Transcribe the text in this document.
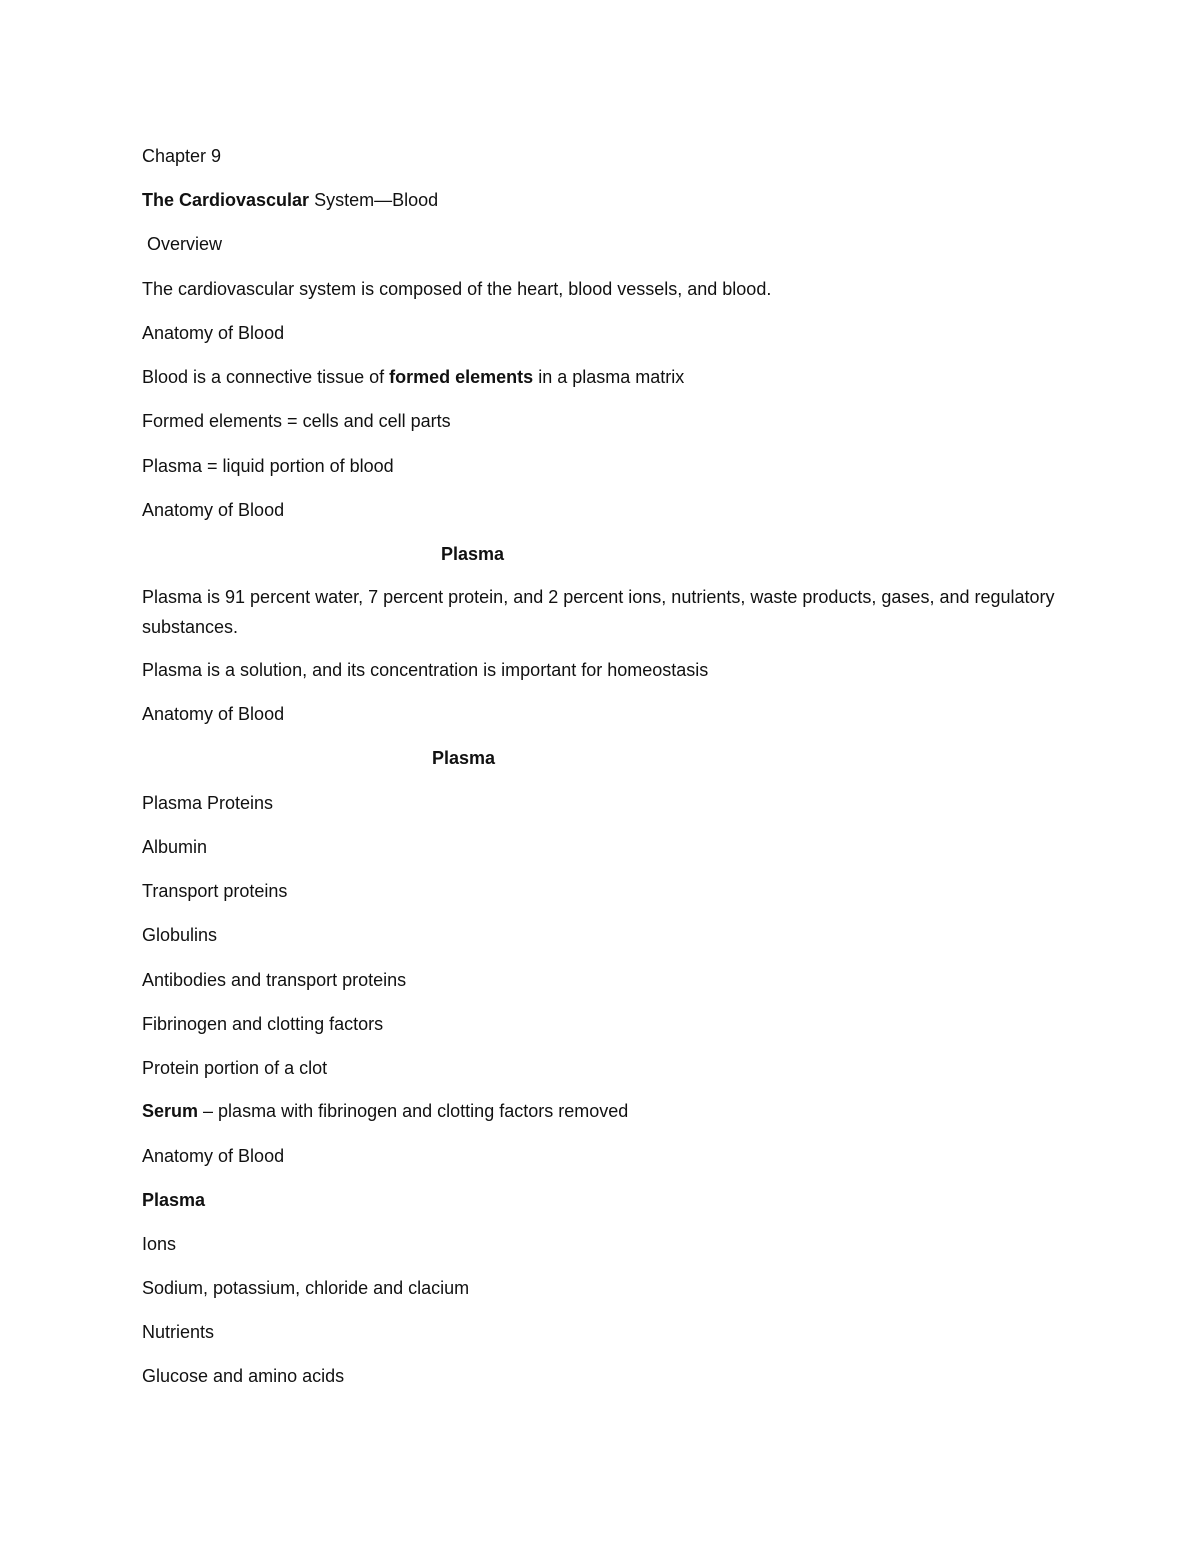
Chapter 9
The Cardiovascular System—Blood
Overview
The cardiovascular system is composed of the heart, blood vessels, and blood.
Anatomy of Blood
Blood is a connective tissue of formed elements in a plasma matrix
Formed elements = cells and cell parts
Plasma = liquid portion of blood
Anatomy of Blood
Plasma
Plasma is 91 percent water, 7 percent protein, and 2 percent ions, nutrients, waste products, gases, and regulatory substances.
Plasma is a solution, and its concentration is important for homeostasis
Anatomy of Blood
Plasma
Plasma Proteins
Albumin
Transport proteins
Globulins
Antibodies and transport proteins
Fibrinogen and clotting factors
Protein portion of a clot
Serum – plasma with fibrinogen and clotting factors removed
Anatomy of Blood
Plasma
Ions
Sodium, potassium, chloride and clacium
Nutrients
Glucose and amino acids
